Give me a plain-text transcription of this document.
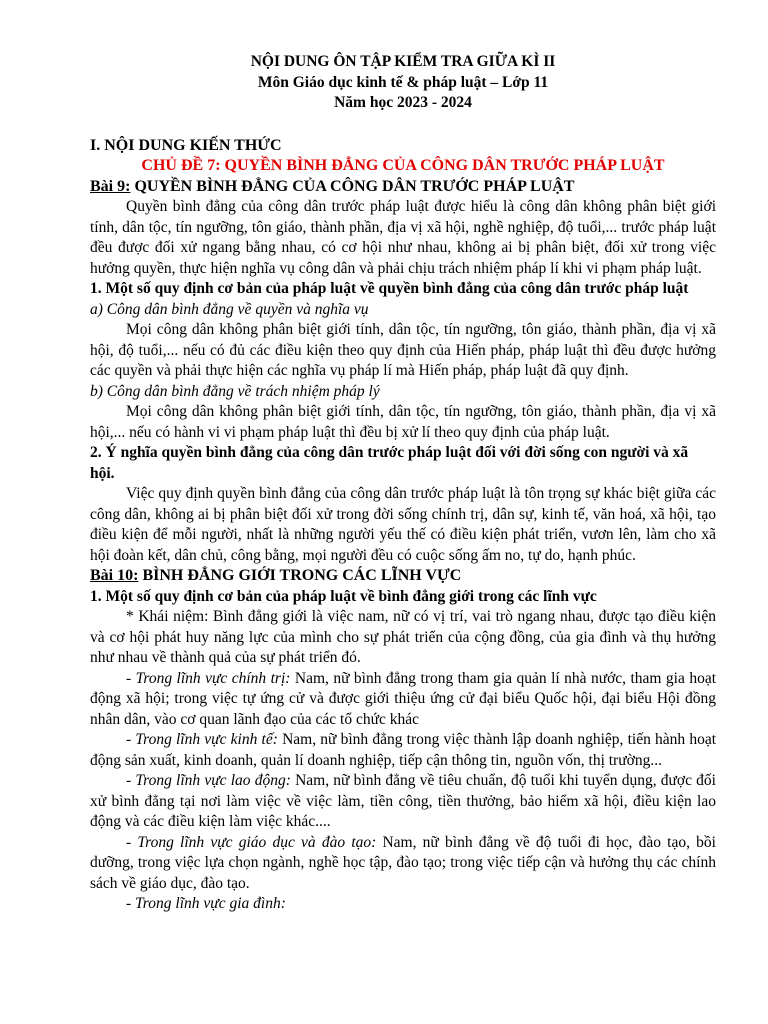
NỘI DUNG ÔN TẬP KIỂM TRA GIỮA KÌ II
Môn Giáo dục kinh tế & pháp luật – Lớp 11
Năm học 2023 - 2024
I. NỘI DUNG KIẾN THỨC
CHỦ ĐỀ 7: QUYỀN BÌNH ĐẲNG CỦA CÔNG DÂN TRƯỚC PHÁP LUẬT
Bài 9: QUYỀN BÌNH ĐẲNG CỦA CÔNG DÂN TRƯỚC PHÁP LUẬT

Quyền bình đẳng của công dân trước pháp luật được hiểu là công dân không phân biệt giới tính, dân tộc, tín ngưỡng, tôn giáo, thành phần, địa vị xã hội, nghề nghiệp, độ tuổi,... trước pháp luật đều được đối xử ngang bằng nhau, có cơ hội như nhau, không ai bị phân biệt, đối xử trong việc hưởng quyền, thực hiện nghĩa vụ công dân và phải chịu trách nhiệm pháp lí khi vi phạm pháp luật.

1. Một số quy định cơ bản của pháp luật về quyền bình đẳng của công dân trước pháp luật
a) Công dân bình đẳng về quyền và nghĩa vụ

Mọi công dân không phân biệt giới tính, dân tộc, tín ngưỡng, tôn giáo, thành phần, địa vị xã hội, độ tuổi,... nếu có đủ các điều kiện theo quy định của Hiến pháp, pháp luật thì đều được hưởng các quyền và phải thực hiện các nghĩa vụ pháp lí mà Hiến pháp, pháp luật đã quy định.

b) Công dân bình đẳng về trách nhiệm pháp lý

Mọi công dân không phân biệt giới tính, dân tộc, tín ngưỡng, tôn giáo, thành phần, địa vị xã hội,... nếu có hành vi vi phạm pháp luật thì đều bị xử lí theo quy định của pháp luật.

2. Ý nghĩa quyền bình đẳng của công dân trước pháp luật đối với đời sống con người và xã hội.

Việc quy định quyền bình đẳng của công dân trước pháp luật là tôn trọng sự khác biệt giữa các công dân, không ai bị phân biệt đối xử trong đời sống chính trị, dân sự, kinh tế, văn hoá, xã hội, tạo điều kiện để mỗi người, nhất là những người yếu thế có điều kiện phát triển, vươn lên, làm cho xã hội đoàn kết, dân chủ, công bằng, mọi người đều có cuộc sống ấm no, tự do, hạnh phúc.

Bài 10: BÌNH ĐẲNG GIỚI TRONG CÁC LĨNH VỰC
1. Một số quy định cơ bản của pháp luật về bình đẳng giới trong các lĩnh vực

* Khái niệm: Bình đẳng giới là việc nam, nữ có vị trí, vai trò ngang nhau, được tạo điều kiện và cơ hội phát huy năng lực của mình cho sự phát triển của cộng đồng, của gia đình và thụ hưởng như nhau về thành quả của sự phát triển đó.

- Trong lĩnh vực chính trị: Nam, nữ bình đẳng trong tham gia quản lí nhà nước, tham gia hoạt động xã hội; trong việc tự ứng cử và được giới thiệu ứng cử đại biểu Quốc hội, đại biểu Hội đồng nhân dân, vào cơ quan lãnh đạo của các tổ chức khác

- Trong lĩnh vực kinh tế: Nam, nữ bình đẳng trong việc thành lập doanh nghiệp, tiến hành hoạt động sản xuất, kinh doanh, quản lí doanh nghiệp, tiếp cận thông tin, nguồn vốn, thị trường...

- Trong lĩnh vực lao động: Nam, nữ bình đẳng về tiêu chuẩn, độ tuổi khi tuyển dụng, được đối xử bình đẳng tại nơi làm việc về việc làm, tiền công, tiền thưởng, bảo hiểm xã hội, điều kiện lao động và các điều kiện làm việc khác....

- Trong lĩnh vực giáo dục và đào tạo: Nam, nữ bình đẳng về độ tuổi đi học, đào tạo, bồi dưỡng, trong việc lựa chọn ngành, nghề học tập, đào tạo; trong việc tiếp cận và hưởng thụ các chính sách về giáo dục, đào tạo.

- Trong lĩnh vực gia đình:
